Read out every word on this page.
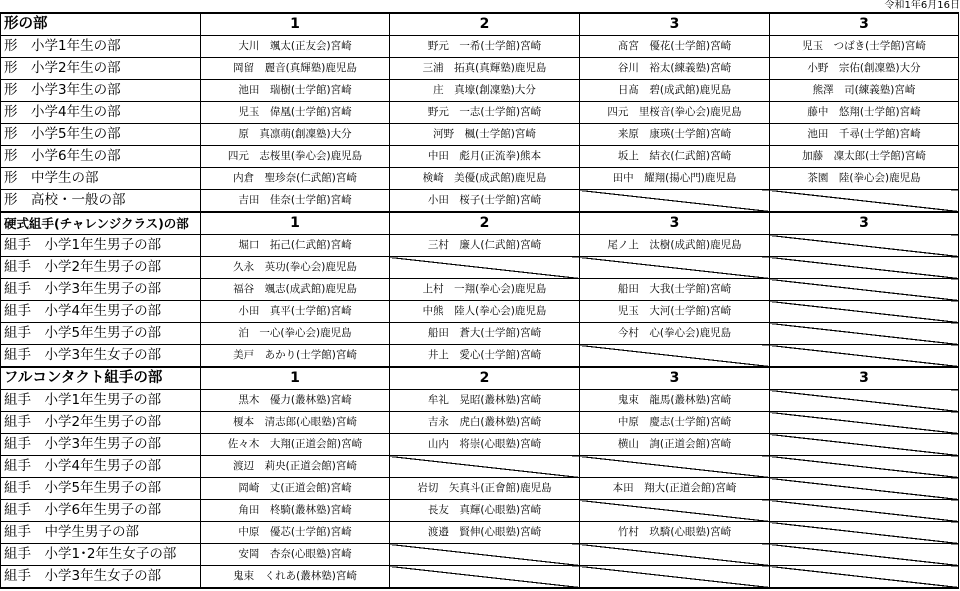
令和1年6月16日
形の部	1	2	3	3
形　小学1年生の部	大川　颯太(正友会)宮崎	野元　一希(士学館)宮崎	髙宮　優花(士学館)宮崎	児玉　つばき(士学館)宮崎
形　小学2年生の部	岡留　麗音(真輝塾)鹿児島	三浦　拓真(真輝塾)鹿児島	谷川　裕太(練義塾)宮崎	小野　宗佑(創凜塾)大分
形　小学3年生の部	池田　瑞樹(士学館)宮崎	庄　真壕(創凜塾)大分	日髙　碧(成武館)鹿児島	熊澤　司(練義塾)宮崎
形　小学4年生の部	児玉　偉凰(士学館)宮崎	野元　一志(士学館)宮崎	四元　里桜音(拳心会)鹿児島	藤中　悠翔(士学館)宮崎
形　小学5年生の部	原　真凛萌(創凜塾)大分	河野　楓(士学館)宮崎	来原　康瑛(士学館)宮崎	池田　千尋(士学館)宮崎
形　小学6年生の部	四元　志桜里(拳心会)鹿児島	中田　彪月(正流拳)熊本	坂上　結衣(仁武館)宮崎	加藤　凜太郎(士学館)宮崎
形　中学生の部	内倉　聖珍奈(仁武館)宮崎	検崎　美優(成武館)鹿児島	田中　耀翔(揚心門)鹿児島	茶園　陸(拳心会)鹿児島
形　高校・一般の部	吉田　佳奈(士学館)宮崎	小田　桜子(士学館)宮崎		
硬式組手(チャレンジクラス)の部	1	2	3	3
組手　小学1年生男子の部	堀口　拓己(仁武館)宮崎	三村　廉人(仁武館)宮崎	尾ノ上　汰樹(成武館)鹿児島	
組手　小学2年生男子の部	久永　英功(拳心会)鹿児島			
組手　小学3年生男子の部	福谷　颯志(成武館)鹿児島	上村　一翔(拳心会)鹿児島	船田　大我(士学館)宮崎	
組手　小学4年生男子の部	小田　真平(士学館)宮崎	中熊　陸人(拳心会)鹿児島	児玉　大河(士学館)宮崎	
組手　小学5年生男子の部	泊　一心(拳心会)鹿児島	船田　蒼大(士学館)宮崎	今村　心(拳心会)鹿児島	
組手　小学3年生女子の部	美戸　あかり(士学館)宮崎	井上　愛心(士学館)宮崎		
フルコンタクト組手の部	1	2	3	3
組手　小学1年生男子の部	黒木　優力(叢林塾)宮崎	牟礼　晃昭(叢林塾)宮崎	鬼束　龍馬(叢林塾)宮崎	
組手　小学2年生男子の部	榎本　清志郎(心眼塾)宮崎	吉永　虎白(叢林塾)宮崎	中原　慶志(士学館)宮崎	
組手　小学3年生男子の部	佐々木　大翔(正道会館)宮崎	山内　将崇(心眼塾)宮崎	横山　詢(正道会館)宮崎	
組手　小学4年生男子の部	渡辺　莉央(正道会館)宮崎			
組手　小学5年生男子の部	岡崎　丈(正道会館)宮崎	岩切　矢真斗(正會館)鹿児島	本田　翔大(正道会館)宮崎	
組手　小学6年生男子の部	角田　柊騎(叢林塾)宮崎	長友　真輝(心眼塾)宮崎		
組手　中学生男子の部	中原　優芯(士学館)宮崎	渡邉　賢伸(心眼塾)宮崎	竹村　玖騎(心眼塾)宮崎	
組手　小学1･2年生女子の部	安岡　杏奈(心眼塾)宮崎			
組手　小学3年生女子の部	鬼束　くれあ(叢林塾)宮崎			
